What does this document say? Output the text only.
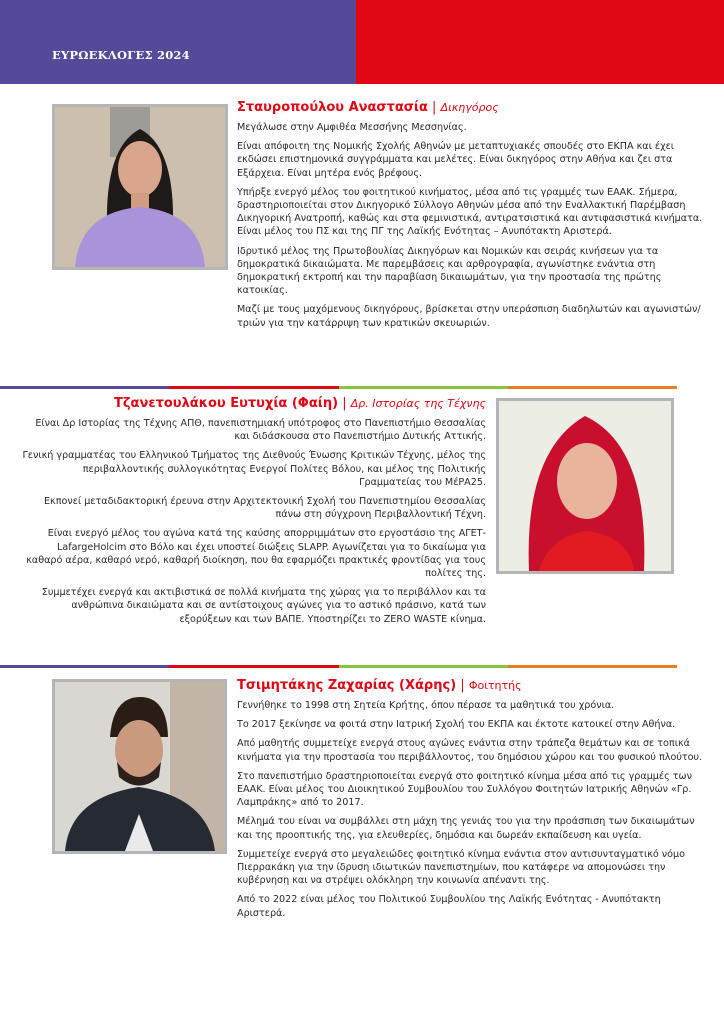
ΕΥΡΩΕΚΛΟΓΕΣ 2024
Σταυροπούλου Αναστασία | Δικηγόρος

Μεγάλωσε στην Αμφιθέα Μεσσήνης Μεσσηνίας.

Είναι απόφοιτη της Νομικής Σχολής Αθηνών με μεταπτυχιακές σπουδές στο ΕΚΠΑ και έχει εκδώσει επιστημονικά συγγράμματα και μελέτες. Είναι δικηγόρος στην Αθήνα και ζει στα Εξάρχεια. Είναι μητέρα ενός βρέφους.

Υπήρξε ενεργό μέλος του φοιτητικού κινήματος, μέσα από τις γραμμές των ΕΑΑΚ. Σήμερα, δραστηριοποιείται στον Δικηγορικό Σύλλογο Αθηνών μέσα από την Εναλλακτική Παρέμβαση Δικηγορική Ανατροπή, καθώς και στα φεμινιστικά, αντιρατσιστικά και αντιφασιστικά κινήματα. Είναι μέλος του ΠΣ και της ΠΓ της Λαϊκής Ενότητας – Ανυπότακτη Αριστερά.

Ιδρυτικό μέλος της Πρωτοβουλίας Δικηγόρων και Νομικών και σειράς κινήσεων για τα δημοκρατικά δικαιώματα. Με παρεμβάσεις και αρθρογραφία, αγωνίστηκε ενάντια στη δημοκρατική εκτροπή και την παραβίαση δικαιωμάτων, για την προστασία της πρώτης κατοικίας.

Μαζί με τους μαχόμενους δικηγόρους, βρίσκεται στην υπεράσπιση διαδηλωτών και αγωνιστών/τριών για την κατάρριψη των κρατικών σκευωριών.

Τζανετουλάκου Ευτυχία (Φαίη) | Δρ. Ιστορίας της Τέχνης

Είναι Δρ Ιστορίας της Τέχνης ΑΠΘ, πανεπιστημιακή υπότροφος στο Πανεπιστήμιο Θεσσαλίας και διδάσκουσα στο Πανεπιστήμιο Δυτικής Αττικής.

Γενική γραμματέας του Ελληνικού Τμήματος της Διεθνούς Ένωσης Κριτικών Τέχνης, μέλος της περιβαλλοντικής συλλογικότητας Ενεργοί Πολίτες Βόλου, και μέλος της Πολιτικής Γραμματείας του ΜέΡΑ25.

Εκπονεί μεταδιδακτορική έρευνα στην Αρχιτεκτονική Σχολή του Πανεπιστημίου Θεσσαλίας πάνω στη σύγχρονη Περιβαλλοντική Τέχνη.

Είναι ενεργό μέλος του αγώνα κατά της καύσης απορριμμάτων στο εργοστάσιο της ΑΓΕΤ-LafargeHolcim στο Βόλο και έχει υποστεί διώξεις SLAPP. Αγωνίζεται για το δικαίωμα για καθαρό αέρα, καθαρό νερό, καθαρή διοίκηση, που θα εφαρμόζει πρακτικές φροντίδας για τους πολίτες της.

Συμμετέχει ενεργά και ακτιβιστικά σε πολλά κινήματα της χώρας για το περιβάλλον και τα ανθρώπινα δικαιώματα και σε αντίστοιχους αγώνες για το αστικό πράσινο, κατά των εξορύξεων και των ΒΑΠΕ. Υποστηρίζει το ZERO WASTE κίνημα.

Τσιμητάκης Ζαχαρίας (Χάρης) | Φοιτητής

Γεννήθηκε το 1998 στη Σητεία Κρήτης, όπου πέρασε τα μαθητικά του χρόνια.

Το 2017 ξεκίνησε να φοιτά στην Ιατρική Σχολή του ΕΚΠΑ και έκτοτε κατοικεί στην Αθήνα.

Από μαθητής συμμετείχε ενεργά στους αγώνες ενάντια στην τράπεζα θεμάτων και σε τοπικά κινήματα για την προστασία του περιβάλλοντος, του δημόσιου χώρου και του φυσικού πλούτου.

Στο πανεπιστήμιο δραστηριοποιείται ενεργά στο φοιτητικό κίνημα μέσα από τις γραμμές των ΕΑΑΚ. Είναι μέλος του Διοικητικού Συμβουλίου του Συλλόγου Φοιτητών Ιατρικής Αθηνών «Γρ. Λαμπράκης» από το 2017.

Μέλημά του είναι να συμβάλλει στη μάχη της γενιάς του για την προάσπιση των δικαιωμάτων και της προοπτικής της, για ελευθερίες, δημόσια και δωρεάν εκπαίδευση και υγεία.

Συμμετείχε ενεργά στο μεγαλειώδες φοιτητικό κίνημα ενάντια στον αντισυνταγματικό νόμο Πιερρακάκη για την ίδρυση ιδιωτικών πανεπιστημίων, που κατάφερε να απομονώσει την κυβέρνηση και να στρέψει ολόκληρη την κοινωνία απέναντι της.

Από το 2022 είναι μέλος του Πολιτικού Συμβουλίου της Λαϊκής Ενότητας - Ανυπότακτη Αριστερά.
